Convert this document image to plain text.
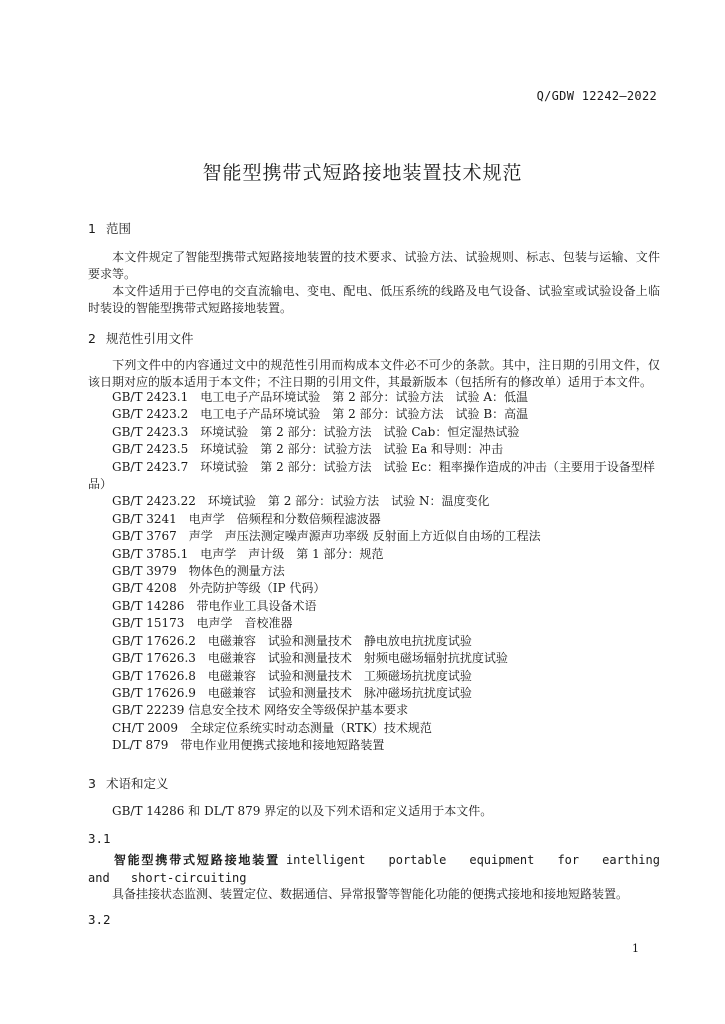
Q/GDW 12242—2022
智能型携带式短路接地装置技术规范
1 范围
本文件规定了智能型携带式短路接地装置的技术要求、试验方法、试验规则、标志、包装与运输、文件要求等。
本文件适用于已停电的交直流输电、变电、配电、低压系统的线路及电气设备、试验室或试验设备上临时装设的智能型携带式短路接地装置。
2 规范性引用文件
下列文件中的内容通过文中的规范性引用而构成本文件必不可少的条款。其中，注日期的引用文件，仅该日期对应的版本适用于本文件；不注日期的引用文件，其最新版本（包括所有的修改单）适用于本文件。
GB/T 2423.1　电工电子产品环境试验　第 2 部分：试验方法　试验 A：低温
GB/T 2423.2　电工电子产品环境试验　第 2 部分：试验方法　试验 B：高温
GB/T 2423.3　环境试验　第 2 部分：试验方法　试验 Cab：恒定湿热试验
GB/T 2423.5　环境试验　第 2 部分：试验方法　试验 Ea 和导则：冲击
GB/T 2423.7　环境试验　第 2 部分：试验方法　试验 Ec：粗率操作造成的冲击（主要用于设备型样品）
GB/T 2423.22　环境试验　第 2 部分：试验方法　试验 N：温度变化
GB/T 3241　电声学　倍频程和分数倍频程滤波器
GB/T 3767　声学　声压法测定噪声源声功率级 反射面上方近似自由场的工程法
GB/T 3785.1　电声学　声计级　第 1 部分：规范
GB/T 3979　物体色的测量方法
GB/T 4208　外壳防护等级（IP 代码）
GB/T 14286　带电作业工具设备术语
GB/T 15173　电声学　音校准器
GB/T 17626.2　电磁兼容　试验和测量技术　静电放电抗扰度试验
GB/T 17626.3　电磁兼容　试验和测量技术　射频电磁场辐射抗扰度试验
GB/T 17626.8　电磁兼容　试验和测量技术　工频磁场抗扰度试验
GB/T 17626.9　电磁兼容　试验和测量技术　脉冲磁场抗扰度试验
GB/T 22239 信息安全技术 网络安全等级保护基本要求
CH/T 2009　全球定位系统实时动态测量（RTK）技术规范
DL/T 879　带电作业用便携式接地和接地短路装置
3 术语和定义
GB/T 14286 和 DL/T 879 界定的以及下列术语和定义适用于本文件。
3.1
智能型携带式短路接地装置  intelligent portable equipment for earthing and short-circuiting
具备挂接状态监测、装置定位、数据通信、异常报警等智能化功能的便携式接地和接地短路装置。
3.2
1
